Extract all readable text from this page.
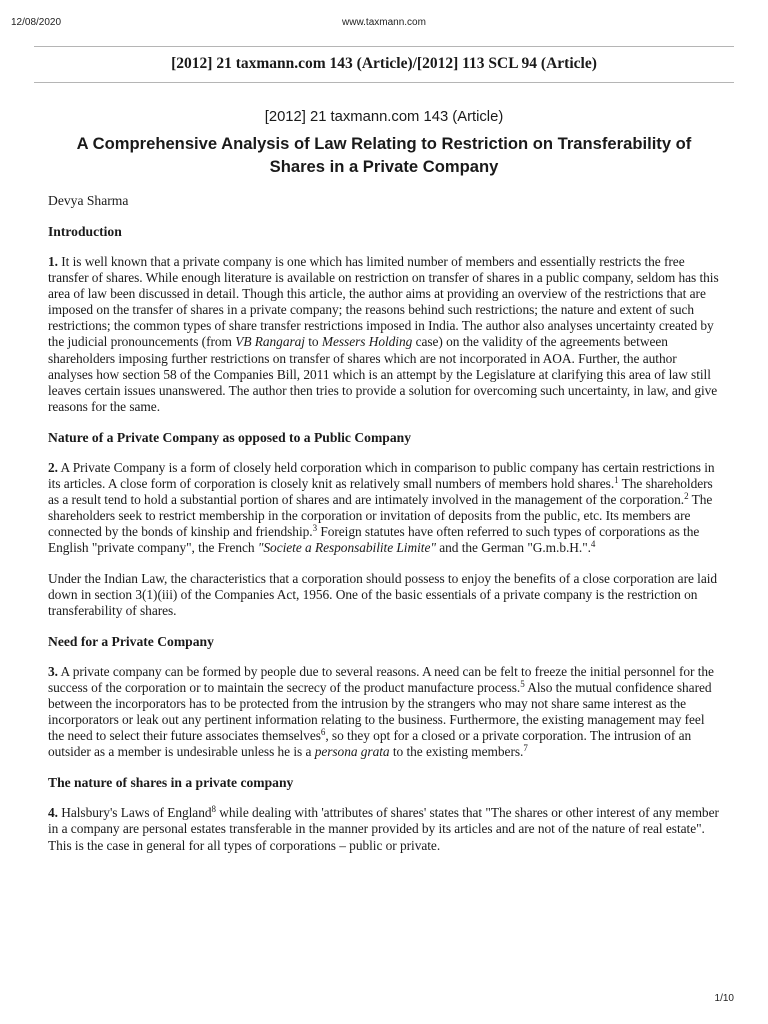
12/08/2020	www.taxmann.com
[2012] 21 taxmann.com 143 (Article)/[2012] 113 SCL 94 (Article)

[2012] 21 taxmann.com 143 (Article)

A Comprehensive Analysis of Law Relating to Restriction on Transferability of Shares in a Private Company

Devya Sharma

Introduction

1. It is well known that a private company is one which has limited number of members and essentially restricts the free transfer of shares. While enough literature is available on restriction on transfer of shares in a public company, seldom has this area of law been discussed in detail. Though this article, the author aims at providing an overview of the restrictions that are imposed on the transfer of shares in a private company; the reasons behind such restrictions; the nature and extent of such restrictions; the common types of share transfer restrictions imposed in India. The author also analyses uncertainty created by the judicial pronouncements (from VB Rangaraj to Messers Holding case) on the validity of the agreements between shareholders imposing further restrictions on transfer of shares which are not incorporated in AOA. Further, the author analyses how section 58 of the Companies Bill, 2011 which is an attempt by the Legislature at clarifying this area of law still leaves certain issues unanswered. The author then tries to provide a solution for overcoming such uncertainty, in law, and give reasons for the same.

Nature of a Private Company as opposed to a Public Company

2. A Private Company is a form of closely held corporation which in comparison to public company has certain restrictions in its articles. A close form of corporation is closely knit as relatively small numbers of members hold shares.$^1$ The shareholders as a result tend to hold a substantial portion of shares and are intimately involved in the management of the corporation.$^2$ The shareholders seek to restrict membership in the corporation or invitation of deposits from the public, etc. Its members are connected by the bonds of kinship and friendship.$^3$ Foreign statutes have often referred to such types of corporations as the English "private company", the French "Societe a Responsabilite Limite" and the German "G.m.b.H.".$^4$

Under the Indian Law, the characteristics that a corporation should possess to enjoy the benefits of a close corporation are laid down in section 3(1)(iii) of the Companies Act, 1956. One of the basic essentials of a private company is the restriction on transferability of shares.

Need for a Private Company

3. A private company can be formed by people due to several reasons. A need can be felt to freeze the initial personnel for the success of the corporation or to maintain the secrecy of the product manufacture process.$^5$ Also the mutual confidence shared between the incorporators has to be protected from the intrusion by the strangers who may not share same interest as the incorporators or leak out any pertinent information relating to the business. Furthermore, the existing management may feel the need to select their future associates themselves$^6$, so they opt for a closed or a private corporation. The intrusion of an outsider as a member is undesirable unless he is a persona grata to the existing members.$^7$

The nature of shares in a private company

4. Halsbury's Laws of England$^8$ while dealing with 'attributes of shares' states that "The shares or other interest of any member in a company are personal estates transferable in the manner provided by its articles and are not of the nature of real estate". This is the case in general for all types of corporations – public or private.

1/10
